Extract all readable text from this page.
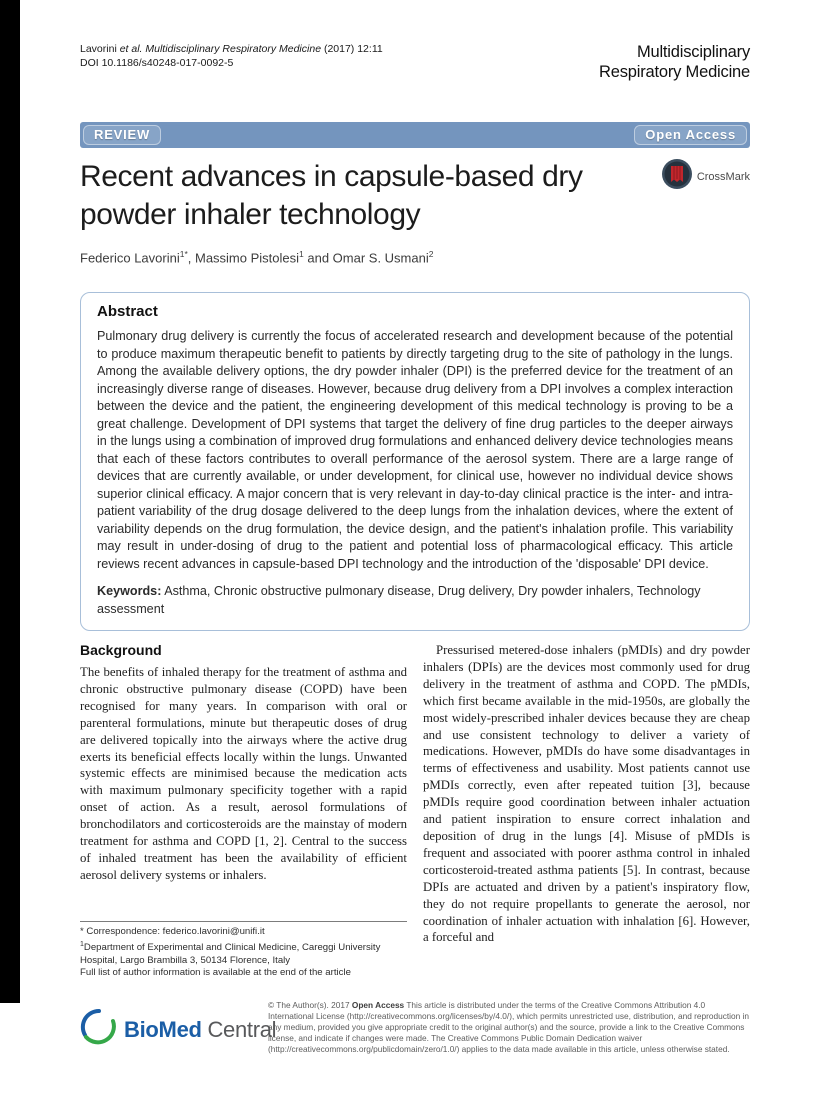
Lavorini et al. Multidisciplinary Respiratory Medicine (2017) 12:11
DOI 10.1186/s40248-017-0092-5
Multidisciplinary
Respiratory Medicine
REVIEW	Open Access
Recent advances in capsule-based dry powder inhaler technology
CrossMark
Federico Lavorini$^{1*}$, Massimo Pistolesi$^1$ and Omar S. Usmani$^2$
Abstract

Pulmonary drug delivery is currently the focus of accelerated research and development because of the potential to produce maximum therapeutic benefit to patients by directly targeting drug to the site of pathology in the lungs. Among the available delivery options, the dry powder inhaler (DPI) is the preferred device for the treatment of an increasingly diverse range of diseases. However, because drug delivery from a DPI involves a complex interaction between the device and the patient, the engineering development of this medical technology is proving to be a great challenge. Development of DPI systems that target the delivery of fine drug particles to the deeper airways in the lungs using a combination of improved drug formulations and enhanced delivery device technologies means that each of these factors contributes to overall performance of the aerosol system. There are a large range of devices that are currently available, or under development, for clinical use, however no individual device shows superior clinical efficacy. A major concern that is very relevant in day-to-day clinical practice is the inter- and intra-patient variability of the drug dosage delivered to the deep lungs from the inhalation devices, where the extent of variability depends on the drug formulation, the device design, and the patient's inhalation profile. This variability may result in under-dosing of drug to the patient and potential loss of pharmacological efficacy. This article reviews recent advances in capsule-based DPI technology and the introduction of the 'disposable' DPI device.

Keywords: Asthma, Chronic obstructive pulmonary disease, Drug delivery, Dry powder inhalers, Technology assessment

Background

The benefits of inhaled therapy for the treatment of asthma and chronic obstructive pulmonary disease (COPD) have been recognised for many years. In comparison with oral or parenteral formulations, minute but therapeutic doses of drug are delivered topically into the airways where the active drug exerts its beneficial effects locally within the lungs. Unwanted systemic effects are minimised because the medication acts with maximum pulmonary specificity together with a rapid onset of action. As a result, aerosol formulations of bronchodilators and corticosteroids are the mainstay of modern treatment for asthma and COPD [1, 2]. Central to the success of inhaled treatment has been the availability of efficient aerosol delivery systems or inhalers.

* Correspondence: federico.lavorini@unifi.it
$^1$Department of Experimental and Clinical Medicine, Careggi University Hospital, Largo Brambilla 3, 50134 Florence, Italy
Full list of author information is available at the end of the article

Pressurised metered-dose inhalers (pMDIs) and dry powder inhalers (DPIs) are the devices most commonly used for drug delivery in the treatment of asthma and COPD. The pMDIs, which first became available in the mid-1950s, are globally the most widely-prescribed inhaler devices because they are cheap and use consistent technology to deliver a variety of medications. However, pMDIs do have some disadvantages in terms of effectiveness and usability. Most patients cannot use pMDIs correctly, even after repeated tuition [3], because pMDIs require good coordination between inhaler actuation and patient inspiration to ensure correct inhalation and deposition of drug in the lungs [4]. Misuse of pMDIs is frequent and associated with poorer asthma control in inhaled corticosteroid-treated asthma patients [5]. In contrast, because DPIs are actuated and driven by a patient's inspiratory flow, they do not require propellants to generate the aerosol, nor coordination of inhaler actuation with inhalation [6]. However, a forceful and

BioMed Central

© The Author(s). 2017 Open Access This article is distributed under the terms of the Creative Commons Attribution 4.0 International License (http://creativecommons.org/licenses/by/4.0/), which permits unrestricted use, distribution, and reproduction in any medium, provided you give appropriate credit to the original author(s) and the source, provide a link to the Creative Commons license, and indicate if changes were made. The Creative Commons Public Domain Dedication waiver (http://creativecommons.org/publicdomain/zero/1.0/) applies to the data made available in this article, unless otherwise stated.
